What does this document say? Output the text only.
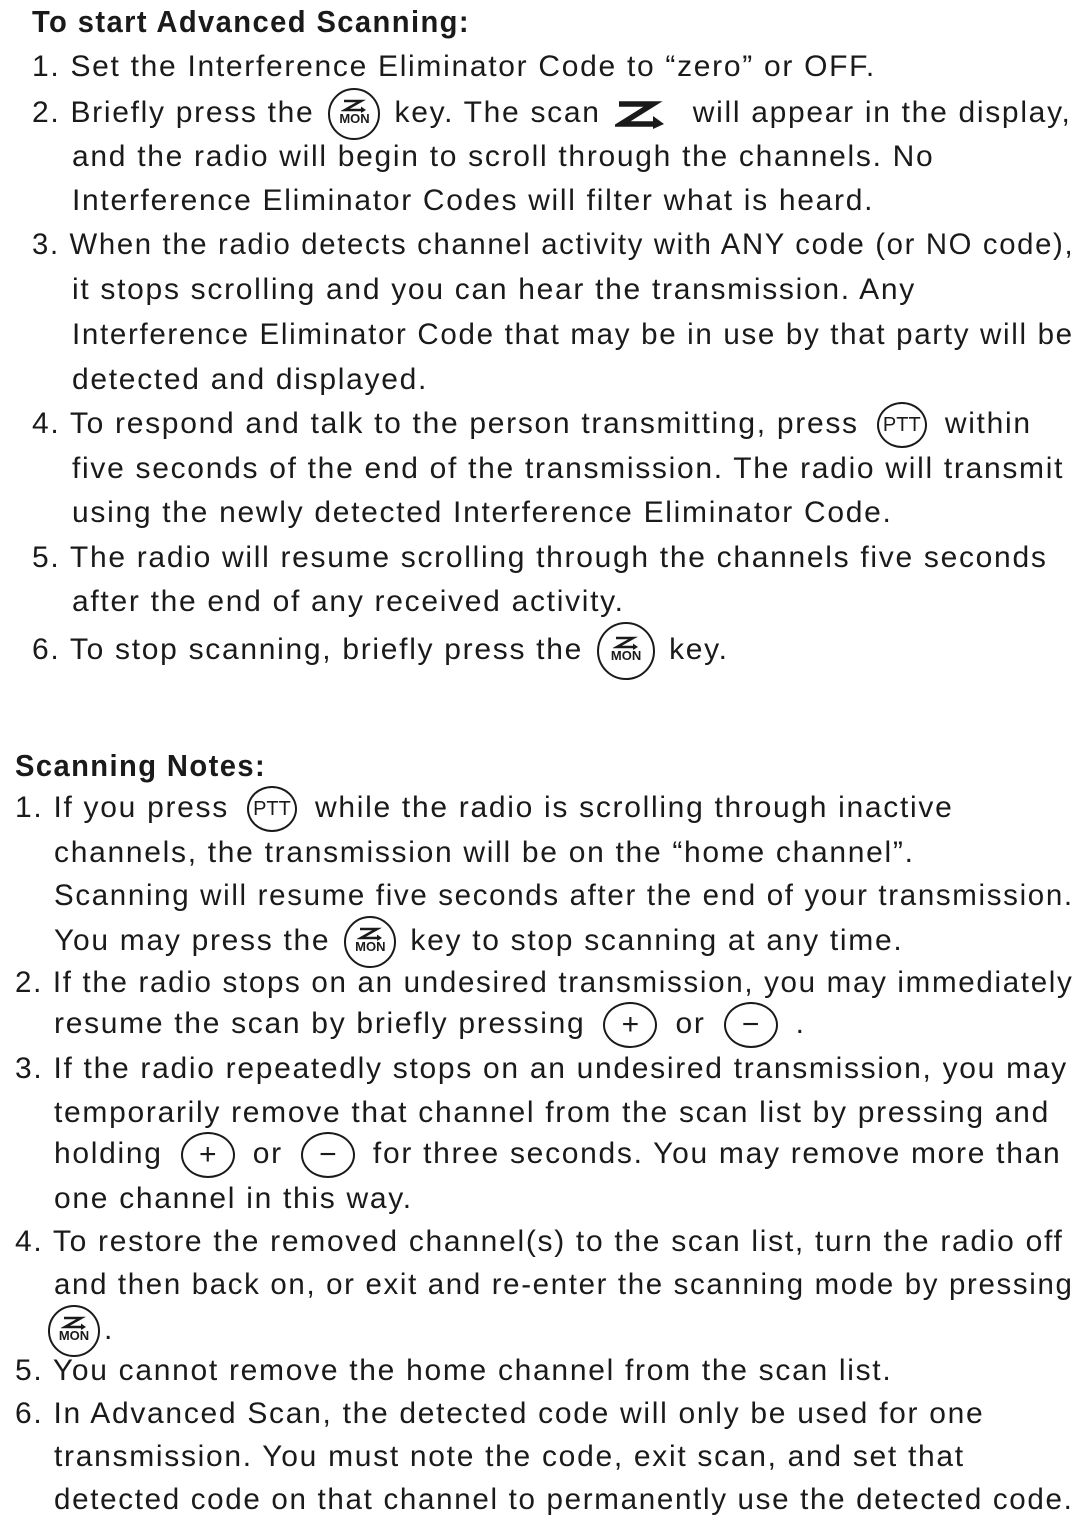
To start Advanced Scanning:
1. Set the Interference Eliminator Code to “zero” or OFF.
2. Briefly press the MON key. The scan	will appear in the display,
and the radio will begin to scroll through the channels. No
Interference Eliminator Codes will filter what is heard.
3. When the radio detects channel activity with ANY code (or NO code),
it stops scrolling and you can hear the transmission. Any
Interference Eliminator Code that may be in use by that party will be
detected and displayed.
4. To respond and talk to the person transmitting, press PTT within
five seconds of the end of the transmission. The radio will transmit
using the newly detected Interference Eliminator Code.
5. The radio will resume scrolling through the channels five seconds
after the end of any received activity.
6. To stop scanning, briefly press the MON key.
Scanning Notes:
1. If you press PTT while the radio is scrolling through inactive
channels, the transmission will be on the “home channel”.
Scanning will resume five seconds after the end of your transmission.
You may press the MON key to stop scanning at any time.
2. If the radio stops on an undesired transmission, you may immediately
resume the scan by briefly pressing + or − .
3. If the radio repeatedly stops on an undesired transmission, you may
temporarily remove that channel from the scan list by pressing and
holding + or − for three seconds. You may remove more than
one channel in this way.
4. To restore the removed channel(s) to the scan list, turn the radio off
and then back on, or exit and re-enter the scanning mode by pressing
MON .
5. You cannot remove the home channel from the scan list.
6. In Advanced Scan, the detected code will only be used for one
transmission. You must note the code, exit scan, and set that
detected code on that channel to permanently use the detected code.
